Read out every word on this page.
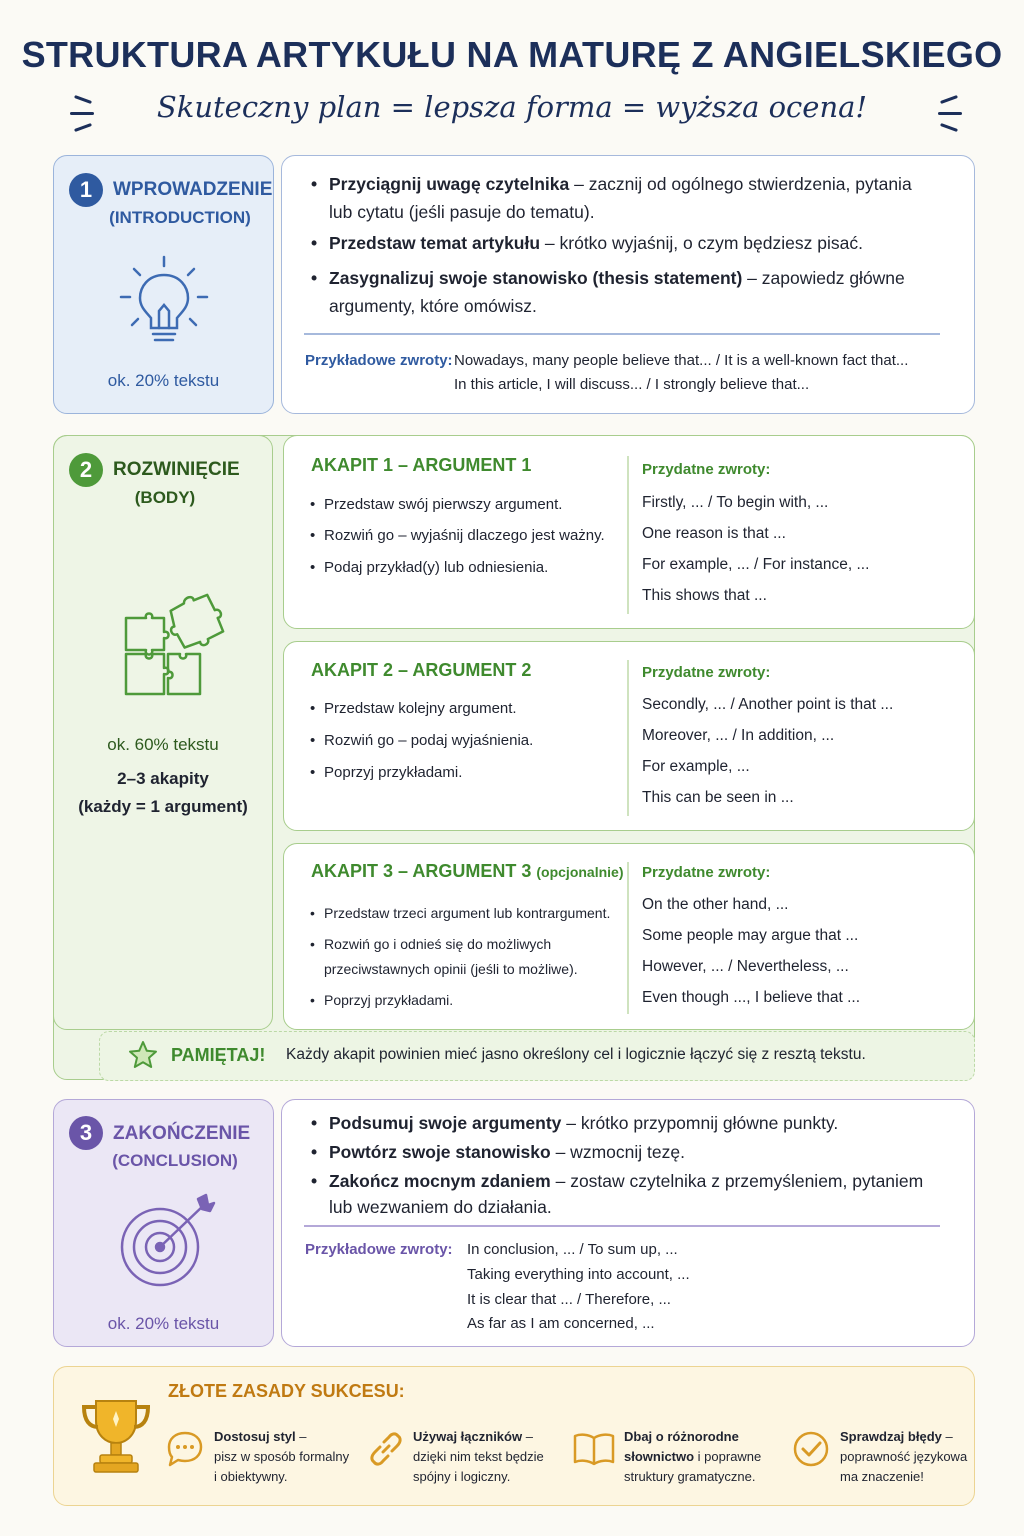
STRUKTURA ARTYKUŁU NA MATURĘ Z ANGIELSKIEGO
Skuteczny plan = lepsza forma = wyższa ocena!
1	WPROWADZENIE
(INTRODUCTION)
ok. 20% tekstu
• Przyciągnij uwagę czytelnika – zacznij od ogólnego stwierdzenia, pytania
lub cytatu (jeśli pasuje do tematu).
• Przedstaw temat artykułu – krótko wyjaśnij, o czym będziesz pisać.
• Zasygnalizuj swoje stanowisko (thesis statement) – zapowiedz główne
argumenty, które omówisz.
Przykładowe zwroty: Nowadays, many people believe that... / It is a well-known fact that...
In this article, I will discuss... / I strongly believe that...
2	ROZWINIĘCIE
(BODY)
ok. 60% tekstu
2–3 akapity
(każdy = 1 argument)
AKAPIT 1 – ARGUMENT 1
• Przedstaw swój pierwszy argument.
• Rozwiń go – wyjaśnij dlaczego jest ważny.
• Podaj przykład(y) lub odniesienia.
Przydatne zwroty:
Firstly, ... / To begin with, ...
One reason is that ...
For example, ... / For instance, ...
This shows that ...
AKAPIT 2 – ARGUMENT 2
• Przedstaw kolejny argument.
• Rozwiń go – podaj wyjaśnienia.
• Poprzyj przykładami.
Przydatne zwroty:
Secondly, ... / Another point is that ...
Moreover, ... / In addition, ...
For example, ...
This can be seen in ...
AKAPIT 3 – ARGUMENT 3 (opcjonalnie)
• Przedstaw trzeci argument lub kontrargument.
• Rozwiń go i odnieś się do możliwych
przeciwstawnych opinii (jeśli to możliwe).
• Poprzyj przykładami.
Przydatne zwroty:
On the other hand, ...
Some people may argue that ...
However, ... / Nevertheless, ...
Even though ..., I believe that ...
PAMIĘTAJ! Każdy akapit powinien mieć jasno określony cel i logicznie łączyć się z resztą tekstu.
3	ZAKOŃCZENIE
(CONCLUSION)
ok. 20% tekstu
• Podsumuj swoje argumenty – krótko przypomnij główne punkty.
• Powtórz swoje stanowisko – wzmocnij tezę.
• Zakończ mocnym zdaniem – zostaw czytelnika z przemyśleniem, pytaniem
lub wezwaniem do działania.
Przykładowe zwroty: In conclusion, ... / To sum up, ...
Taking everything into account, ...
It is clear that ... / Therefore, ...
As far as I am concerned, ...
ZŁOTE ZASADY SUKCESU:
Dostosuj styl –
pisz w sposób formalny
i obiektywny.
Używaj łączników –
dzięki nim tekst będzie
spójny i logiczny.
Dbaj o różnorodne
słownictwo i poprawne
struktury gramatyczne.
Sprawdzaj błędy –
poprawność językowa
ma znaczenie!
